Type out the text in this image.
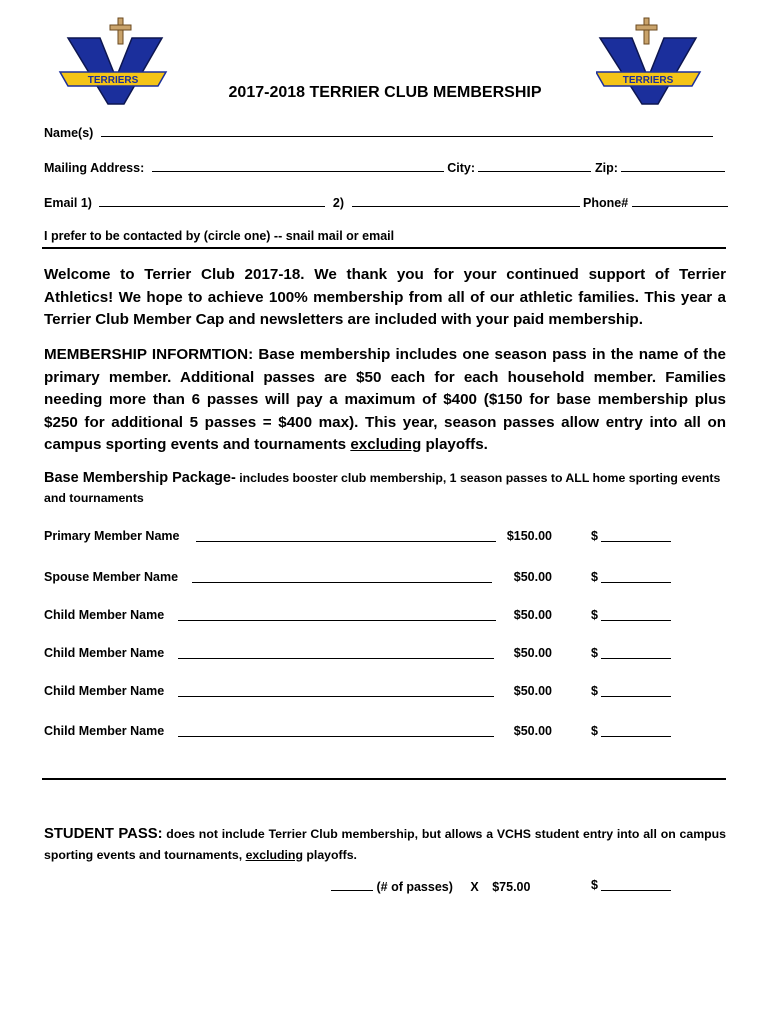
TERRIERS	TERRIERS
2017-2018 TERRIER CLUB MEMBERSHIP
Name(s)
Mailing Address:	City:	Zip:
Email 1)	2)	Phone#
I prefer to be contacted by (circle one) -- snail mail or email
Welcome to Terrier Club 2017-18. We thank you for your continued support of Terrier Athletics! We hope to achieve 100% membership from all of our athletic families. This year a Terrier Club Member Cap and newsletters are included with your paid membership.
MEMBERSHIP INFORMTION: Base membership includes one season pass in the name of the primary member. Additional passes are $50 each for each household member. Families needing more than 6 passes will pay a maximum of $400 ($150 for base membership plus $250 for additional 5 passes = $400 max). This year, season passes allow entry into all on campus sporting events and tournaments excluding playoffs.
Base Membership Package- includes booster club membership, 1 season passes to ALL home sporting events and tournaments
Primary Member Name	$150.00	$
Spouse Member Name	$50.00	$
Child Member Name	$50.00	$
Child Member Name	$50.00	$
Child Member Name	$50.00	$
Child Member Name	$50.00	$
STUDENT PASS: does not include Terrier Club membership, but allows a VCHS student entry into all on campus sporting events and tournaments, excluding playoffs.
(# of passes) X $75.00	$
